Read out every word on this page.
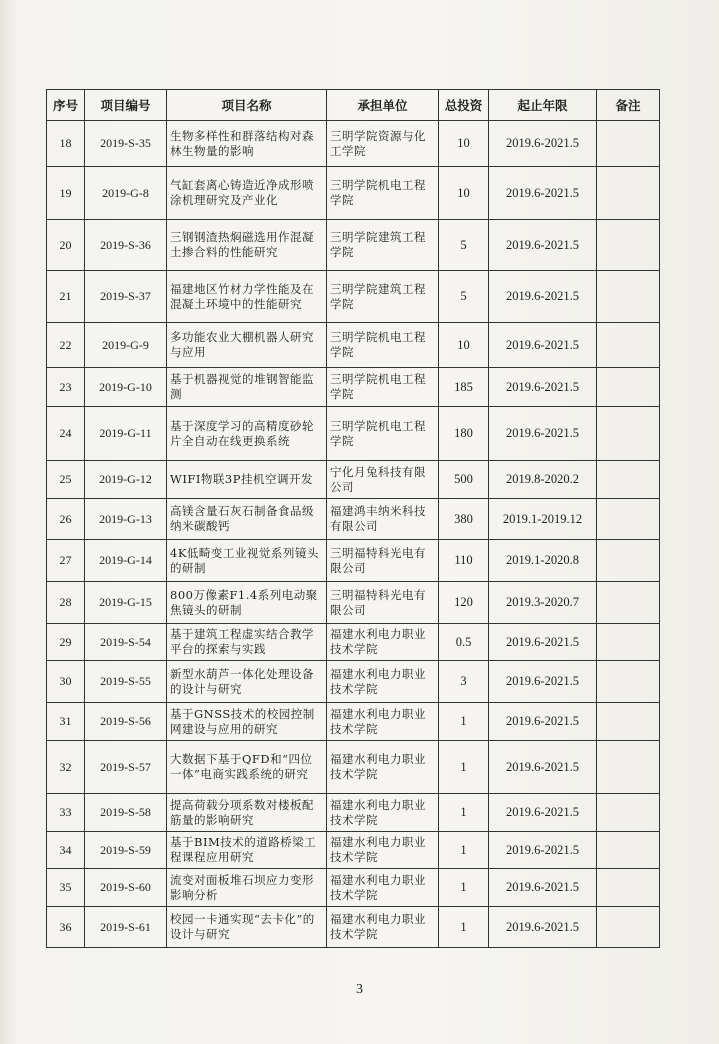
序号	项目编号	项目名称	承担单位	总投资	起止年限	备注
18	2019-S-35	生物多样性和群落结构对森林生物量的影响	三明学院资源与化工学院	10	2019.6-2021.5	
19	2019-G-8	气缸套离心铸造近净成形喷涂机理研究及产业化	三明学院机电工程学院	10	2019.6-2021.5	
20	2019-S-36	三钢钢渣热焖磁选用作混凝土掺合料的性能研究	三明学院建筑工程学院	5	2019.6-2021.5	
21	2019-S-37	福建地区竹材力学性能及在混凝土环境中的性能研究	三明学院建筑工程学院	5	2019.6-2021.5	
22	2019-G-9	多功能农业大棚机器人研究与应用	三明学院机电工程学院	10	2019.6-2021.5	
23	2019-G-10	基于机器视觉的堆钢智能监测	三明学院机电工程学院	185	2019.6-2021.5	
24	2019-G-11	基于深度学习的高精度砂轮片全自动在线更换系统	三明学院机电工程学院	180	2019.6-2021.5	
25	2019-G-12	WIFI物联3P挂机空调开发	宁化月兔科技有限公司	500	2019.8-2020.2	
26	2019-G-13	高镁含量石灰石制备食品级纳米碳酸钙	福建鸿丰纳米科技有限公司	380	2019.1-2019.12	
27	2019-G-14	4K低畸变工业视觉系列镜头的研制	三明福特科光电有限公司	110	2019.1-2020.8	
28	2019-G-15	800万像素F1.4系列电动聚焦镜头的研制	三明福特科光电有限公司	120	2019.3-2020.7	
29	2019-S-54	基于建筑工程虚实结合教学平台的探索与实践	福建水利电力职业技术学院	0.5	2019.6-2021.5	
30	2019-S-55	新型水葫芦一体化处理设备的设计与研究	福建水利电力职业技术学院	3	2019.6-2021.5	
31	2019-S-56	基于GNSS技术的校园控制网建设与应用的研究	福建水利电力职业技术学院	1	2019.6-2021.5	
32	2019-S-57	大数据下基于QFD和“四位一体”电商实践系统的研究	福建水利电力职业技术学院	1	2019.6-2021.5	
33	2019-S-58	提高荷载分项系数对楼板配筋量的影响研究	福建水利电力职业技术学院	1	2019.6-2021.5	
34	2019-S-59	基于BIM技术的道路桥梁工程课程应用研究	福建水利电力职业技术学院	1	2019.6-2021.5	
35	2019-S-60	流变对面板堆石坝应力变形影响分析	福建水利电力职业技术学院	1	2019.6-2021.5	
36	2019-S-61	校园一卡通实现“去卡化”的设计与研究	福建水利电力职业技术学院	1	2019.6-2021.5	
3
